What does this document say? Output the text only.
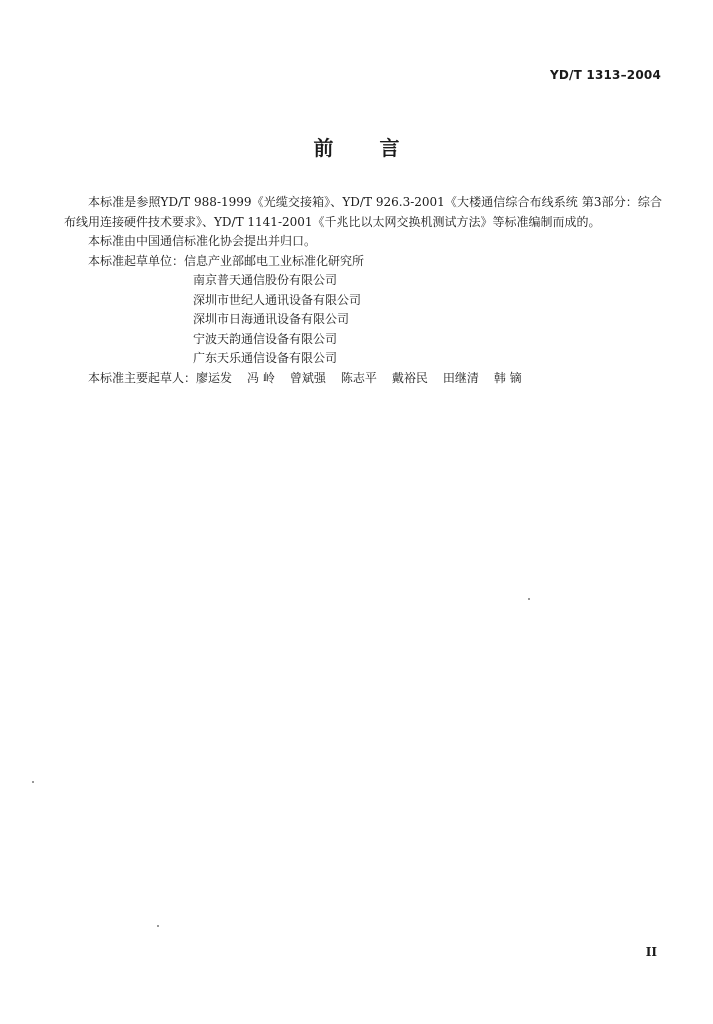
YD/T 1313–2004
前 言

本标准是参照YD/T 988-1999《光缆交接箱》、YD/T 926.3-2001《大楼通信综合布线系统 第3部分：综合布线用连接硬件技术要求》、YD/T 1141-2001《千兆比以太网交换机测试方法》等标准编制而成的。

本标准由中国通信标准化协会提出并归口。

本标准起草单位： 信息产业部邮电工业标准化研究所
南京普天通信股份有限公司
深圳市世纪人通讯设备有限公司
深圳市日海通讯设备有限公司
宁波天韵通信设备有限公司
广东天乐通信设备有限公司
本标准主要起草人： 廖运发 冯 岭 曾斌强 陈志平 戴裕民 田继清 韩 镝
II
